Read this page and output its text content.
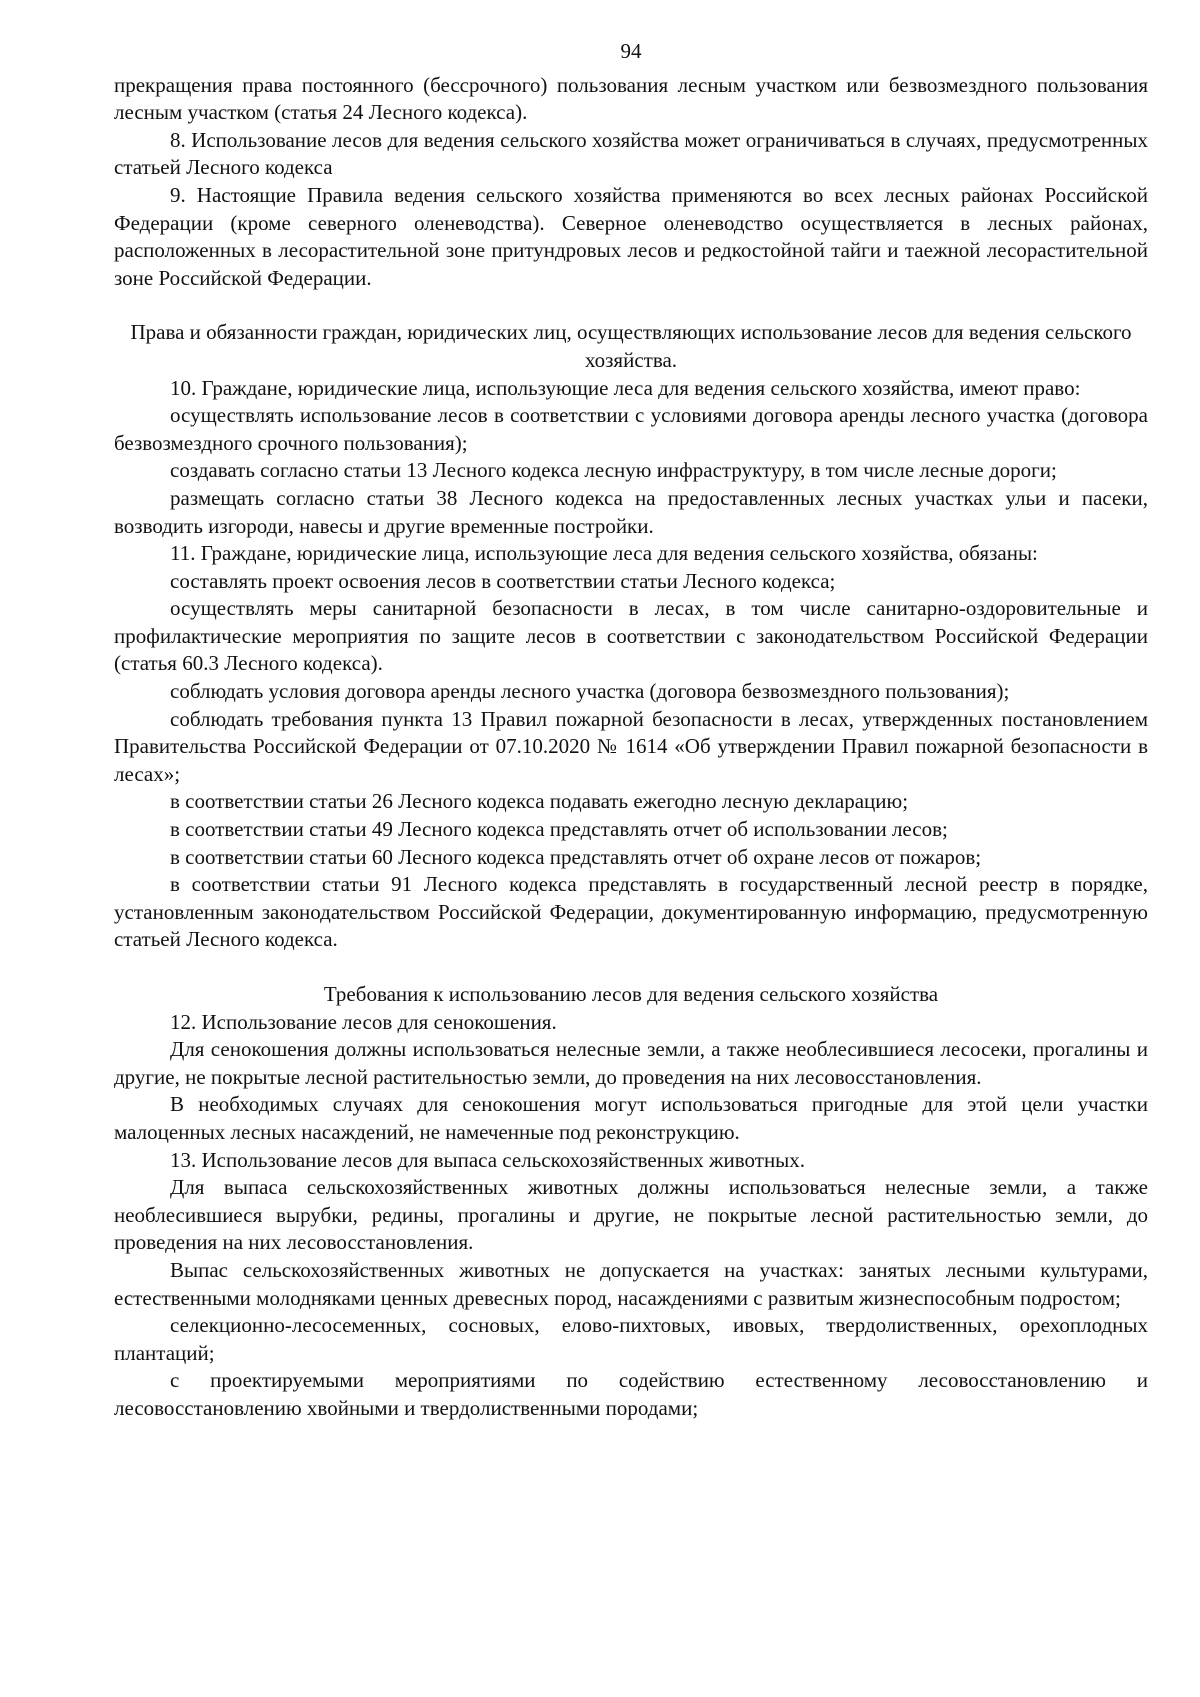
94
прекращения права постоянного (бессрочного) пользования лесным участком или безвозмездного пользования лесным участком (статья 24 Лесного кодекса).
8. Использование лесов для ведения сельского хозяйства может ограничиваться в случаях, предусмотренных статьей Лесного кодекса
9. Настоящие Правила ведения сельского хозяйства применяются во всех лесных районах Российской Федерации (кроме северного оленеводства). Северное оленеводство осуществляется в лесных районах, расположенных в лесорастительной зоне притундровых лесов и редкостойной тайги и таежной лесорастительной зоне Российской Федерации.
Права и обязанности граждан, юридических лиц, осуществляющих использование лесов для ведения сельского хозяйства.
10. Граждане, юридические лица, использующие леса для ведения сельского хозяйства, имеют право:
осуществлять использование лесов в соответствии с условиями договора аренды лесного участка (договора безвозмездного срочного пользования);
создавать согласно статьи 13 Лесного кодекса лесную инфраструктуру, в том числе лесные дороги;
размещать согласно статьи 38 Лесного кодекса на предоставленных лесных участках ульи и пасеки, возводить изгороди, навесы и другие временные постройки.
11. Граждане, юридические лица, использующие леса для ведения сельского хозяйства, обязаны:
составлять проект освоения лесов в соответствии статьи Лесного кодекса;
осуществлять меры санитарной безопасности в лесах, в том числе санитарно-оздоровительные и профилактические мероприятия по защите лесов в соответствии с законодательством Российской Федерации (статья 60.3 Лесного кодекса).
соблюдать условия договора аренды лесного участка (договора безвозмездного пользования);
соблюдать требования пункта 13 Правил пожарной безопасности в лесах, утвержденных постановлением Правительства Российской Федерации от 07.10.2020 № 1614 «Об утверждении Правил пожарной безопасности в лесах»;
в соответствии статьи 26 Лесного кодекса подавать ежегодно лесную декларацию;
в соответствии статьи 49 Лесного кодекса представлять отчет об использовании лесов;
в соответствии статьи 60 Лесного кодекса представлять отчет об охране лесов от пожаров;
в соответствии статьи 91 Лесного кодекса представлять в государственный лесной реестр в порядке, установленным законодательством Российской Федерации, документированную информацию, предусмотренную статьей Лесного кодекса.
Требования к использованию лесов для ведения сельского хозяйства
12. Использование лесов для сенокошения.
Для сенокошения должны использоваться нелесные земли, а также необлесившиеся лесосеки, прогалины и другие, не покрытые лесной растительностью земли, до проведения на них лесовосстановления.
В необходимых случаях для сенокошения могут использоваться пригодные для этой цели участки малоценных лесных насаждений, не намеченные под реконструкцию.
13. Использование лесов для выпаса сельскохозяйственных животных.
Для выпаса сельскохозяйственных животных должны использоваться нелесные земли, а также необлесившиеся вырубки, редины, прогалины и другие, не покрытые лесной растительностью земли, до проведения на них лесовосстановления.
Выпас сельскохозяйственных животных не допускается на участках: занятых лесными культурами, естественными молодняками ценных древесных пород, насаждениями с развитым жизнеспособным подростом;
селекционно-лесосеменных, сосновых, елово-пихтовых, ивовых, твердолиственных, орехоплодных плантаций;
с проектируемыми мероприятиями по содействию естественному лесовосстановлению и лесовосстановлению хвойными и твердолиственными породами;
